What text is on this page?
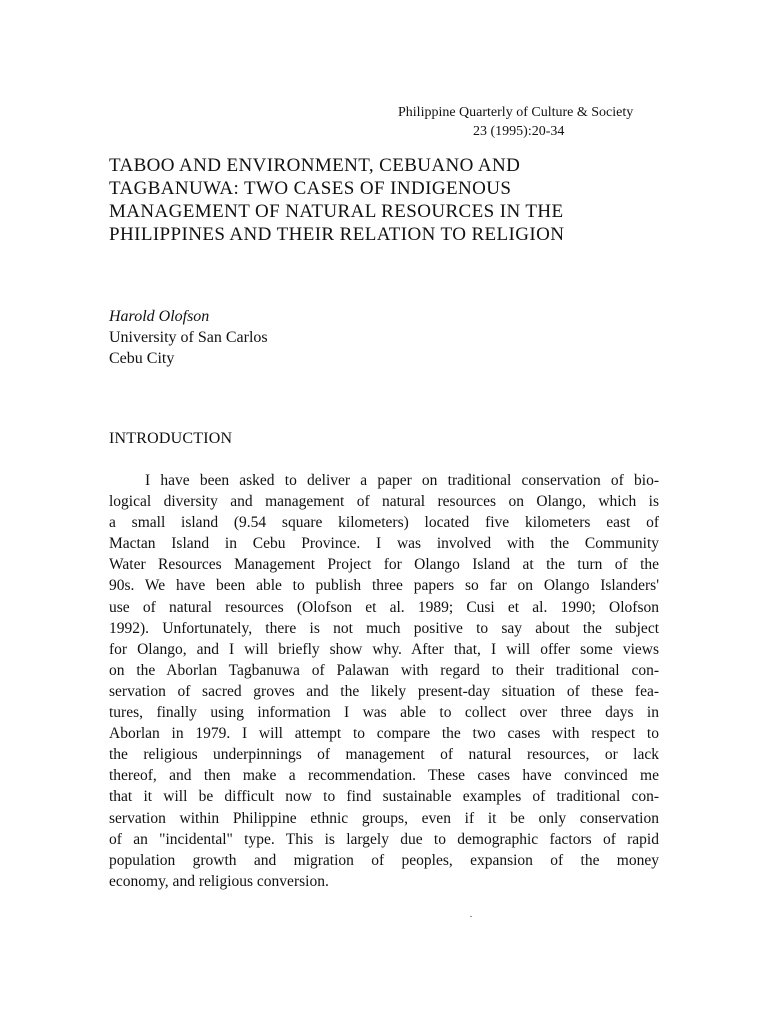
Philippine Quarterly of Culture & Society
23 (1995):20-34
TABOO AND ENVIRONMENT, CEBUANO AND
TAGBANUWA: TWO CASES OF INDIGENOUS
MANAGEMENT OF NATURAL RESOURCES IN THE
PHILIPPINES AND THEIR RELATION TO RELIGION
Harold Olofson
University of San Carlos
Cebu City
INTRODUCTION
I have been asked to deliver a paper on traditional conservation of bio-
logical diversity and management of natural resources on Olango, which is
a small island (9.54 square kilometers) located five kilometers east of
Mactan Island in Cebu Province. I was involved with the Community
Water Resources Management Project for Olango Island at the turn of the
90s. We have been able to publish three papers so far on Olango Islanders'
use of natural resources (Olofson et al. 1989; Cusi et al. 1990; Olofson
1992). Unfortunately, there is not much positive to say about the subject
for Olango, and I will briefly show why. After that, I will offer some views
on the Aborlan Tagbanuwa of Palawan with regard to their traditional con-
servation of sacred groves and the likely present-day situation of these fea-
tures, finally using information I was able to collect over three days in
Aborlan in 1979. I will attempt to compare the two cases with respect to
the religious underpinnings of management of natural resources, or lack
thereof, and then make a recommendation. These cases have convinced me
that it will be difficult now to find sustainable examples of traditional con-
servation within Philippine ethnic groups, even if it be only conservation
of an "incidental" type. This is largely due to demographic factors of rapid
population growth and migration of peoples, expansion of the money
economy, and religious conversion.
